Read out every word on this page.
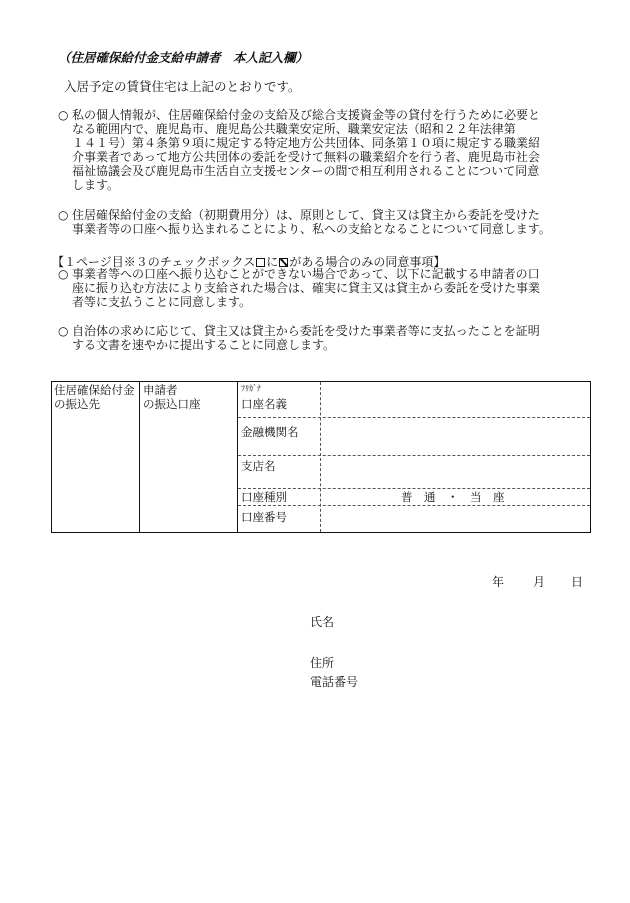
（住居確保給付金支給申請者　本人記入欄）
入居予定の賃貸住宅は上記のとおりです。
○ 私の個人情報が、住居確保給付金の支給及び総合支援資金等の貸付を行うために必要と
なる範囲内で、鹿児島市、鹿児島公共職業安定所、職業安定法（昭和２２年法律第
１４１号）第４条第９項に規定する特定地方公共団体、同条第１０項に規定する職業紹
介事業者であって地方公共団体の委託を受けて無料の職業紹介を行う者、鹿児島市社会
福祉協議会及び鹿児島市生活自立支援センターの間で相互利用されることについて同意
します。
○ 住居確保給付金の支給（初期費用分）は、原則として、貸主又は貸主から委託を受けた
事業者等の口座へ振り込まれることにより、私への支給となることについて同意します。
【１ページ目※３のチェックボックス に がある場合のみの同意事項】
○ 事業者等への口座へ振り込むことができない場合であって、以下に記載する申請者の口
座に振り込む方法により支給された場合は、確実に貸主又は貸主から委託を受けた事業
者等に支払うことに同意します。
○ 自治体の求めに応じて、貸主又は貸主から委託を受けた事業者等に支払ったことを証明
する文書を速やかに提出することに同意します。
住居確保給付金
の振込先
申請者
の振込口座
ﾌﾘｶﾞﾅ
口座名義
金融機関名
支店名
口座種別	普　通　・　当　座
口座番号
年 月 日
氏名
住所
電話番号
